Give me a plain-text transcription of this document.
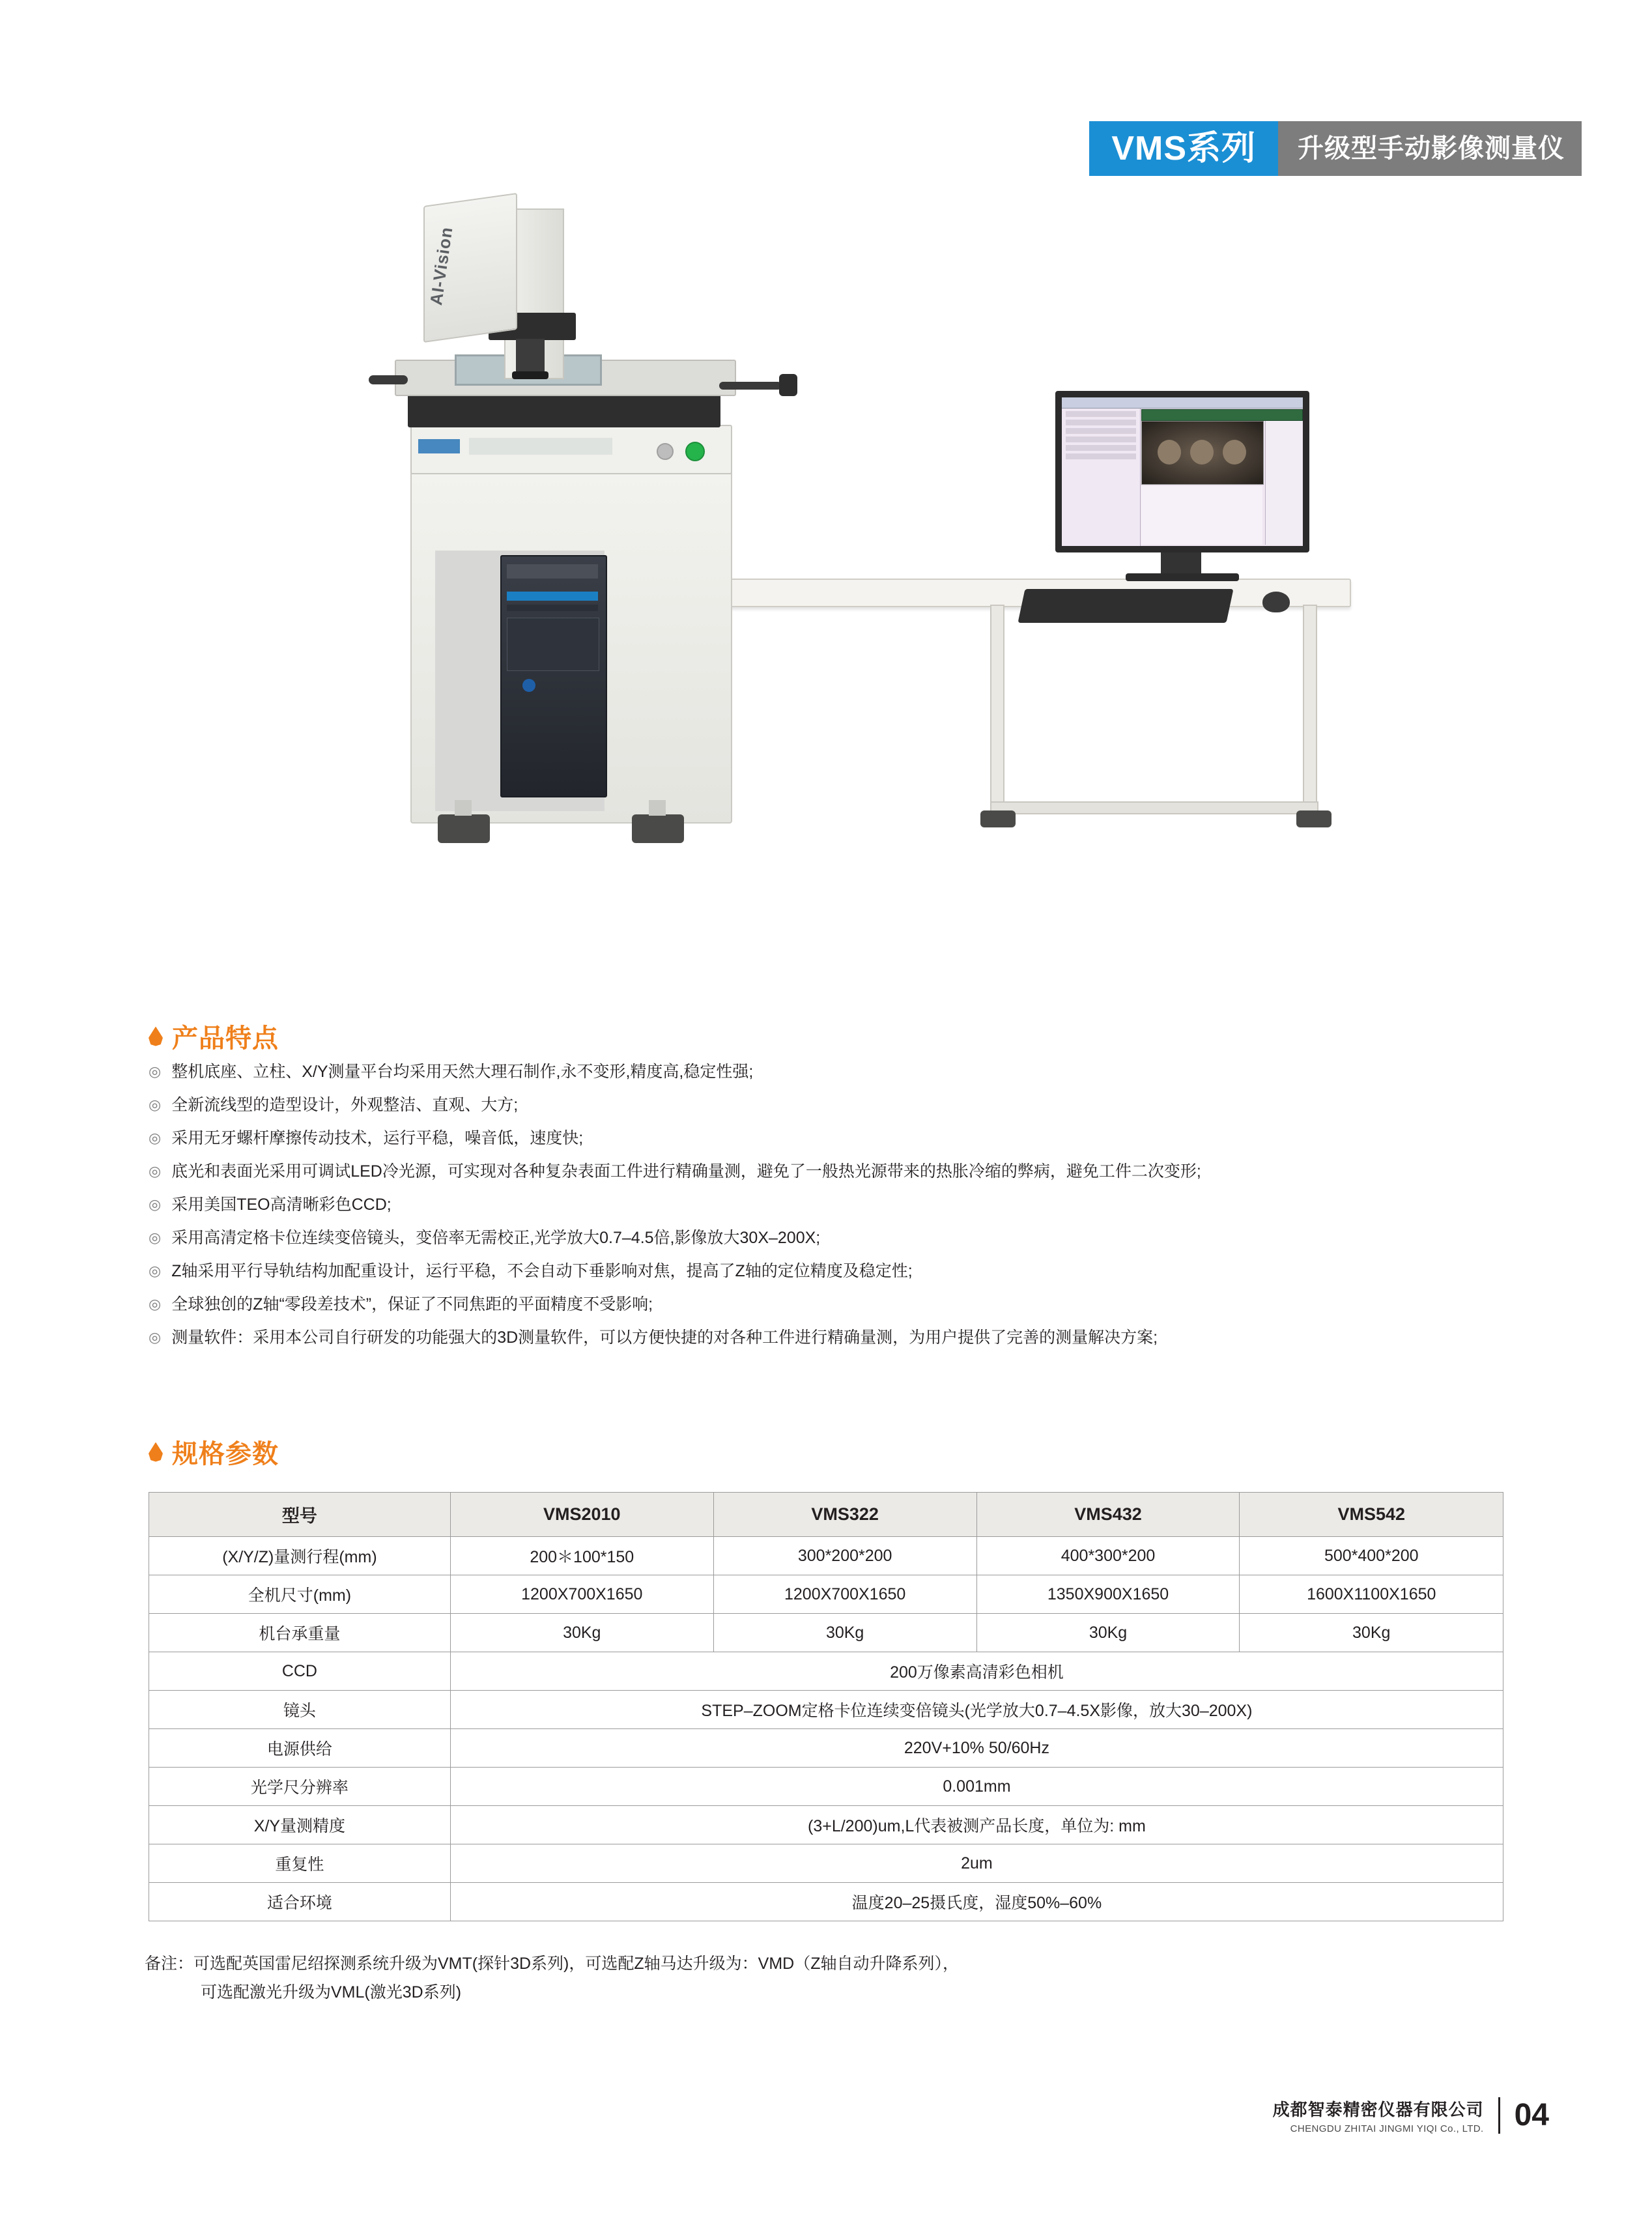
VMS系列	升级型手动影像测量仪
AI-Vision
产品特点
◎ 整机底座、立柱、X/Y测量平台均采用天然大理石制作,永不变形,精度高,稳定性强;
◎ 全新流线型的造型设计，外观整洁、直观、大方;
◎ 采用无牙螺杆摩擦传动技术，运行平稳，噪音低，速度快;
◎ 底光和表面光采用可调试LED冷光源，可实现对各种复杂表面工件进行精确量测，避免了一般热光源带来的热胀冷缩的弊病，避免工件二次变形;
◎ 采用美国TEO高清晰彩色CCD;
◎ 采用高清定格卡位连续变倍镜头，变倍率无需校正,光学放大0.7–4.5倍,影像放大30X–200X;
◎ Z轴采用平行导轨结构加配重设计，运行平稳，不会自动下垂影响对焦，提高了Z轴的定位精度及稳定性;
◎ 全球独创的Z轴“零段差技术”，保证了不同焦距的平面精度不受影响;
◎ 测量软件：采用本公司自行研发的功能强大的3D测量软件，可以方便快捷的对各种工件进行精确量测，为用户提供了完善的测量解决方案;
规格参数
型号	VMS2010	VMS322	VMS432	VMS542
(X/Y/Z)量测行程(mm)	200＊100*150	300*200*200	400*300*200	500*400*200
全机尺寸(mm)	1200X700X1650	1200X700X1650	1350X900X1650	1600X1100X1650
机台承重量	30Kg	30Kg	30Kg	30Kg
CCD	200万像素高清彩色相机			
镜头	STEP–ZOOM定格卡位连续变倍镜头(光学放大0.7–4.5X影像，放大30–200X)			
电源供给	220V+10% 50/60Hz			
光学尺分辨率	0.001mm			
X/Y量测精度	(3+L/200)um,L代表被测产品长度，单位为: mm			
重复性	2um			
适合环境	温度20–25摄氏度，湿度50%–60%			
备注：可选配英国雷尼绍探测系统升级为VMT(探针3D系列)，可选配Z轴马达升级为：VMD（Z轴自动升降系列），
可选配激光升级为VML(激光3D系列)
成都智泰精密仪器有限公司
CHENGDU ZHITAI JINGMI YIQI Co., LTD. 04
